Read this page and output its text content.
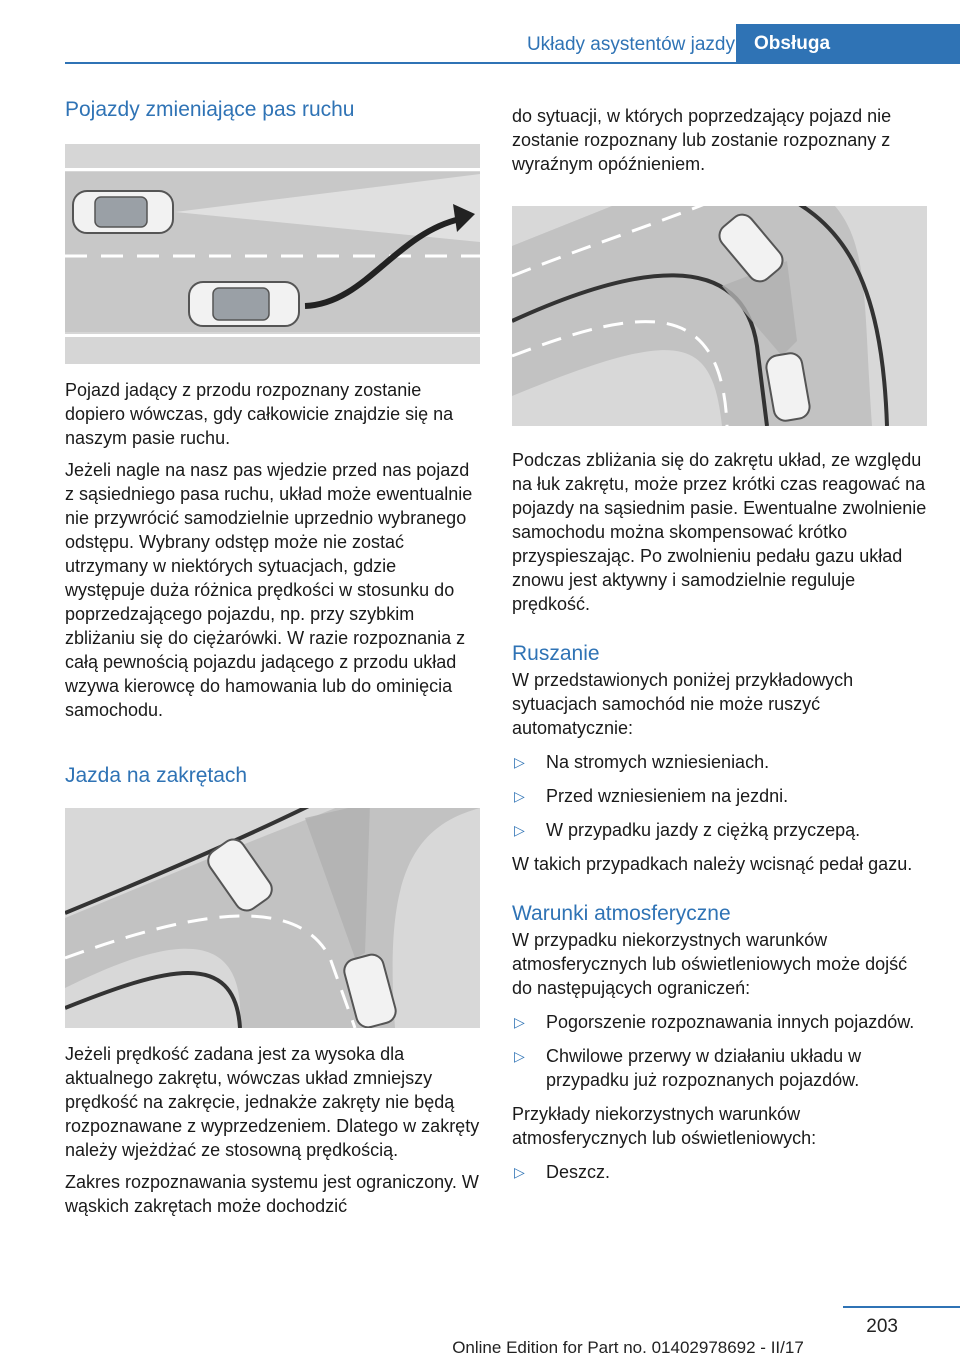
Układy asystentów jazdy	Obsługa
Pojazdy zmieniające pas ruchu

Pojazd jadący z przodu rozpoznany zostanie dopiero wówczas, gdy całkowicie znajdzie się na naszym pasie ruchu.

Jeżeli nagle na nasz pas wjedzie przed nas pojazd z sąsiedniego pasa ruchu, układ może ewentualnie nie przywrócić samodzielnie uprzednio wybranego odstępu. Wybrany odstęp może nie zostać utrzymany w niektórych sytuacjach, gdzie występuje duża różnica prędkości w stosunku do poprzedzającego pojazdu, np. przy szybkim zbliżaniu się do ciężarówki. W razie rozpoznania z całą pewnością pojazdu jadącego z przodu układ wzywa kierowcę do hamowania lub do ominięcia samochodu.

Jazda na zakrętach

Jeżeli prędkość zadana jest za wysoka dla aktualnego zakrętu, wówczas układ zmniejszy prędkość na zakręcie, jednakże zakręty nie będą rozpoznawane z wyprzedzeniem. Dlatego w zakręty należy wjeżdżać ze stosowną prędkością.

Zakres rozpoznawania systemu jest ograniczony. W wąskich zakrętach może dochodzić

do sytuacji, w których poprzedzający pojazd nie zostanie rozpoznany lub zostanie rozpoznany z wyraźnym opóźnieniem.

Podczas zbliżania się do zakrętu układ, ze względu na łuk zakrętu, może przez krótki czas reagować na pojazdy na sąsiednim pasie. Ewentualne zwolnienie samochodu można skompensować krótko przyspieszając. Po zwolnieniu pedału gazu układ znowu jest aktywny i samodzielnie reguluje prędkość.

Ruszanie

W przedstawionych poniżej przykładowych sytuacjach samochód nie może ruszyć automatycznie:

▷ Na stromych wzniesieniach.
▷ Przed wzniesieniem na jezdni.
▷ W przypadku jazdy z ciężką przyczepą.

W takich przypadkach należy wcisnąć pedał gazu.

Warunki atmosferyczne

W przypadku niekorzystnych warunków atmosferycznych lub oświetleniowych może dojść do następujących ograniczeń:

▷ Pogorszenie rozpoznawania innych pojazdów.
▷ Chwilowe przerwy w działaniu układu w przypadku już rozpoznanych pojazdów.

Przykłady niekorzystnych warunków atmosferycznych lub oświetleniowych:

▷ Deszcz.
203
Online Edition for Part no. 01402978692 - II/17
